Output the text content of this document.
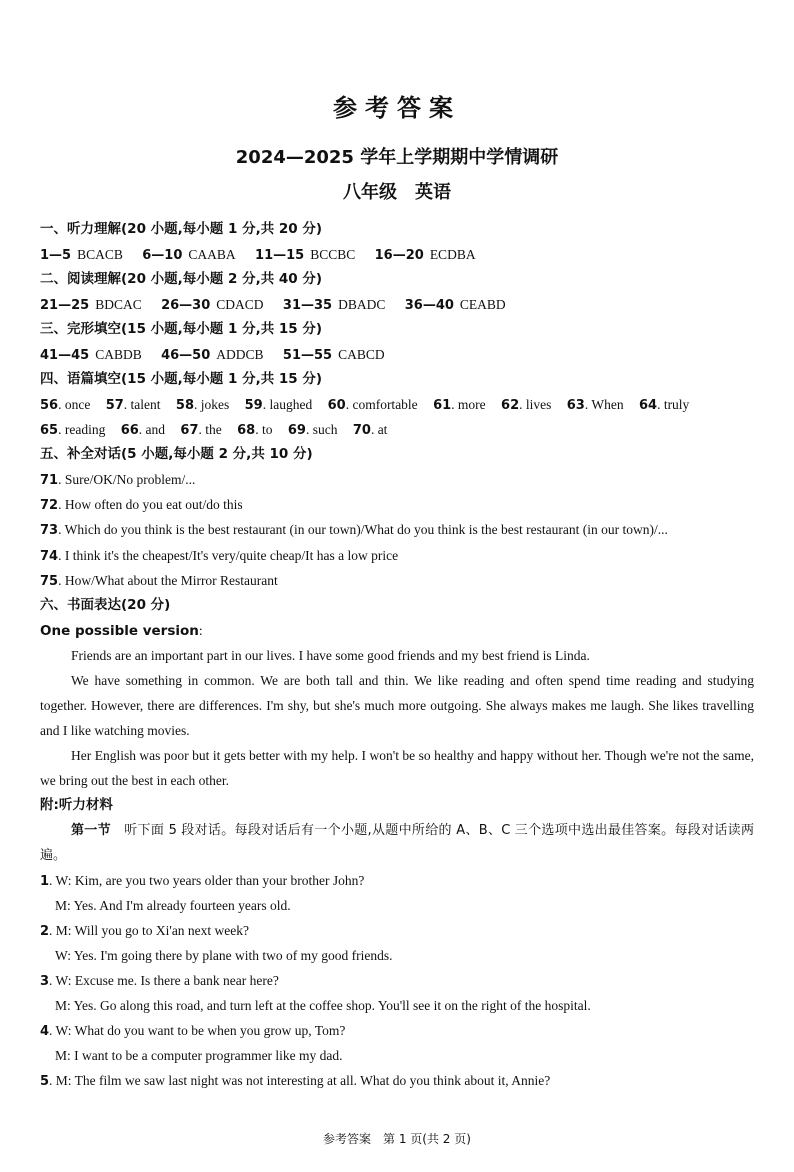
参考答案
2024—2025 学年上学期期中学情调研
八年级　英语
一、听力理解(20 小题,每小题 1 分,共 20 分)
1—5 BCACB 6—10 CAABA 11—15 BCCBC 16—20 ECDBA
二、阅读理解(20 小题,每小题 2 分,共 40 分)
21—25 BDCAC 26—30 CDACD 31—35 DBADC 36—40 CEABD
三、完形填空(15 小题,每小题 1 分,共 15 分)
41—45 CABDB 46—50 ADDCB 51—55 CABCD
四、语篇填空(15 小题,每小题 1 分,共 15 分)
56. once 57. talent 58. jokes 59. laughed 60. comfortable 61. more 62. lives 63. When 64. truly
65. reading 66. and 67. the 68. to 69. such 70. at
五、补全对话(5 小题,每小题 2 分,共 10 分)
71. Sure/OK/No problem/...
72. How often do you eat out/do this
73. Which do you think is the best restaurant (in our town)/What do you think is the best restaurant (in our town)/...
74. I think it's the cheapest/It's very/quite cheap/It has a low price
75. How/What about the Mirror Restaurant
六、书面表达(20 分)
One possible version:
Friends are an important part in our lives. I have some good friends and my best friend is Linda.
We have something in common. We are both tall and thin. We like reading and often spend time reading and studying together. However, there are differences. I'm shy, but she's much more outgoing. She always makes me laugh. She likes travelling and I like watching movies.
Her English was poor but it gets better with my help. I won't be so healthy and happy without her. Though we're not the same, we bring out the best in each other.
附:听力材料
第一节　 听下面 5 段对话。每段对话后有一个小题,从题中所给的 A、B、C 三个选项中选出最佳答案。每段对话读两遍。
1. W: Kim, are you two years older than your brother John?
M: Yes. And I'm already fourteen years old.
2. M: Will you go to Xi'an next week?
W: Yes. I'm going there by plane with two of my good friends.
3. W: Excuse me. Is there a bank near here?
M: Yes. Go along this road, and turn left at the coffee shop. You'll see it on the right of the hospital.
4. W: What do you want to be when you grow up, Tom?
M: I want to be a computer programmer like my dad.
5. M: The film we saw last night was not interesting at all. What do you think about it, Annie?
参考答案　第 1 页(共 2 页)
